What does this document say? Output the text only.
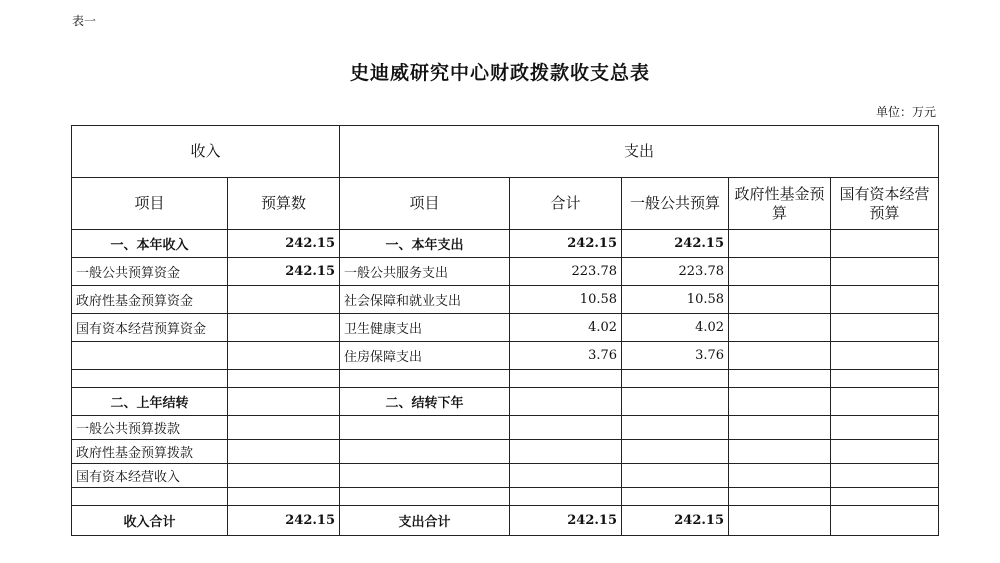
表一
史迪威研究中心财政拨款收支总表
单位：万元
收入		支出				
项目	预算数	项目	合计	一般公共预算	政府性基金预算	国有资本经营预算
一、本年收入	242.15	一、本年支出	242.15	242.15		
一般公共预算资金	242.15	一般公共服务支出	223.78	223.78		
政府性基金预算资金		社会保障和就业支出	10.58	10.58		
国有资本经营预算资金		卫生健康支出	4.02	4.02		
		住房保障支出	3.76	3.76		

二、上年结转		二、结转下年				
一般公共预算拨款						
政府性基金预算拨款						
国有资本经营收入						

收入合计	242.15	支出合计	242.15	242.15		
